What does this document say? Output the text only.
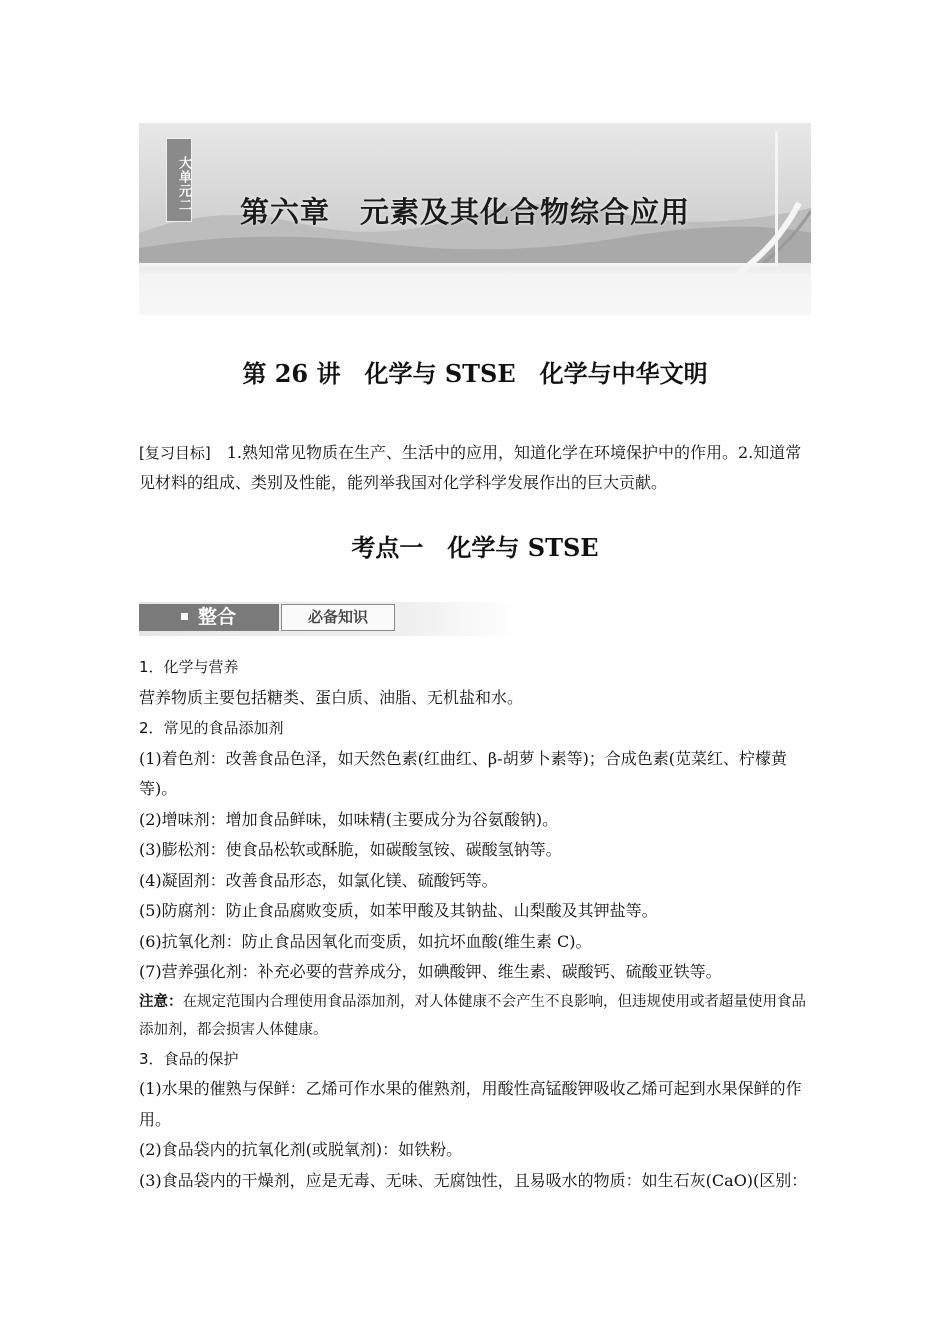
大单元二 第六章　元素及其化合物综合应用
第 26 讲　化学与 STSE　化学与中华文明
[复习目标]　1.熟知常见物质在生产、生活中的应用，知道化学在环境保护中的作用。2.知道常见材料的组成、类别及性能，能列举我国对化学科学发展作出的巨大贡献。
考点一　化学与 STSE
整合	必备知识

1．化学与营养

营养物质主要包括糖类、蛋白质、油脂、无机盐和水。

2．常见的食品添加剂

(1)着色剂：改善食品色泽，如天然色素(红曲红、β-胡萝卜素等)；合成色素(苋菜红、柠檬黄等)。

(2)增味剂：增加食品鲜味，如味精(主要成分为谷氨酸钠)。

(3)膨松剂：使食品松软或酥脆，如碳酸氢铵、碳酸氢钠等。

(4)凝固剂：改善食品形态，如氯化镁、硫酸钙等。

(5)防腐剂：防止食品腐败变质，如苯甲酸及其钠盐、山梨酸及其钾盐等。

(6)抗氧化剂：防止食品因氧化而变质，如抗坏血酸(维生素 C)。

(7)营养强化剂：补充必要的营养成分，如碘酸钾、维生素、碳酸钙、硫酸亚铁等。

注意：在规定范围内合理使用食品添加剂，对人体健康不会产生不良影响，但违规使用或者超量使用食品添加剂，都会损害人体健康。

3．食品的保护

(1)水果的催熟与保鲜：乙烯可作水果的催熟剂，用酸性高锰酸钾吸收乙烯可起到水果保鲜的作用。

(2)食品袋内的抗氧化剂(或脱氧剂)：如铁粉。

(3)食品袋内的干燥剂，应是无毒、无味、无腐蚀性，且易吸水的物质：如生石灰(CaO)(区别：
